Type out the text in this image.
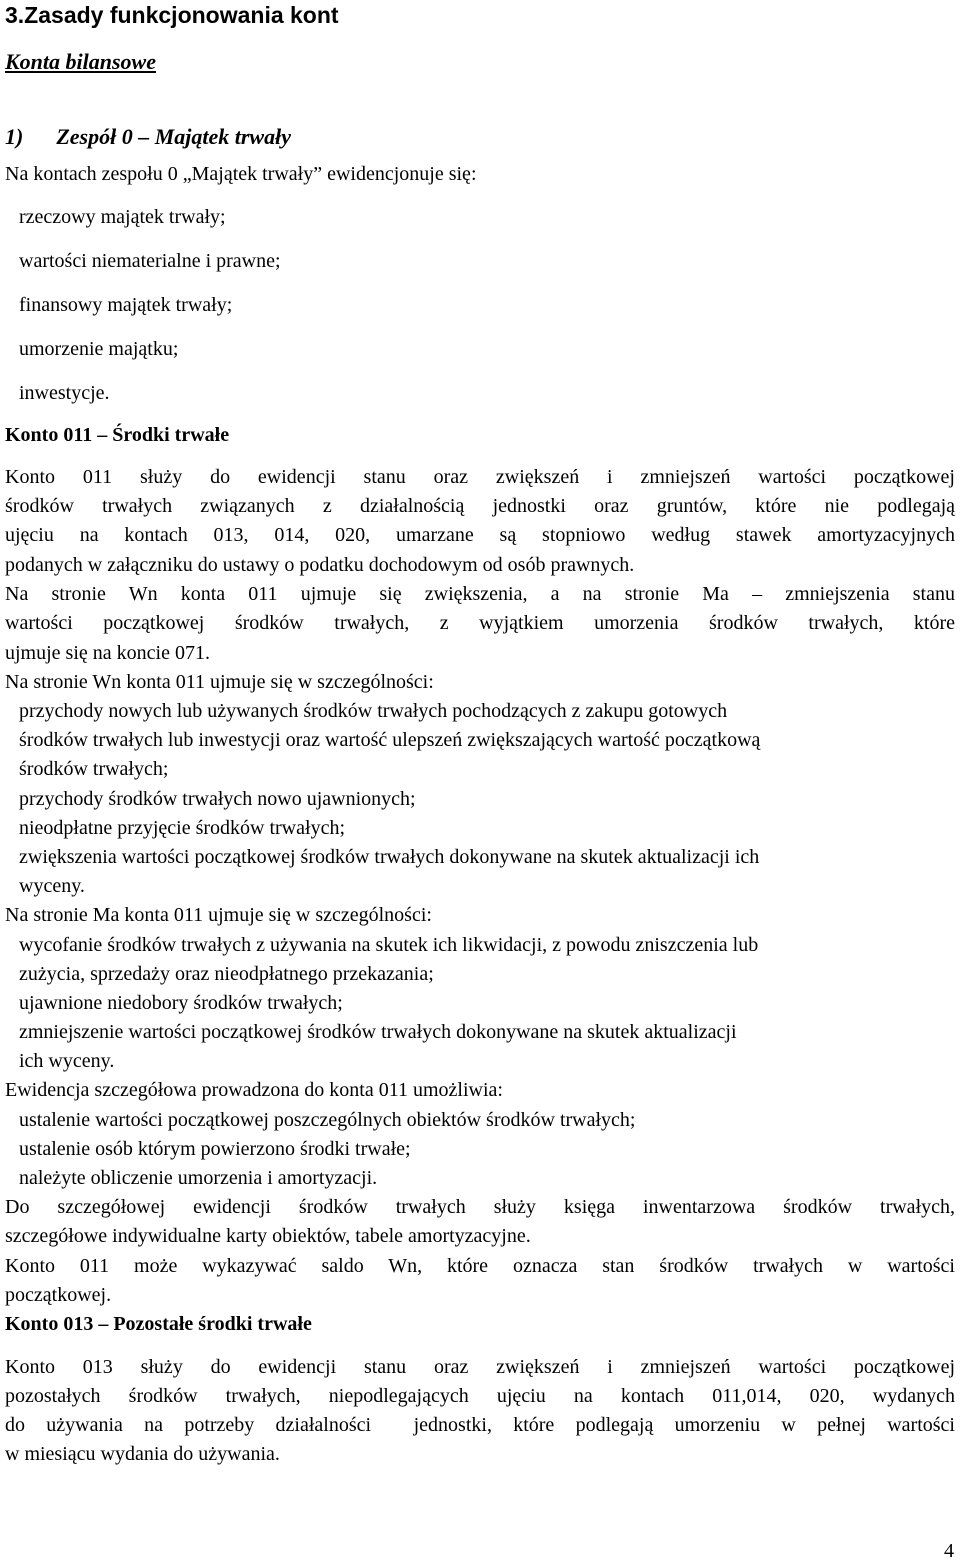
3.Zasady funkcjonowania kont
Konta bilansowe
1)      Zespół 0 – Majątek trwały
Na kontach zespołu 0 „Majątek trwały” ewidencjonuje się:
rzeczowy majątek trwały;
wartości niematerialne i prawne;
finansowy majątek trwały;
umorzenie majątku;
inwestycje.
Konto 011 – Środki trwałe
Konto 011 służy do ewidencji stanu oraz zwiększeń i zmniejszeń wartości początkowej
środków trwałych związanych z działalnością jednostki oraz gruntów, które nie podlegają
ujęciu na kontach 013, 014, 020, umarzane są stopniowo według stawek amortyzacyjnych
podanych w załączniku do ustawy o podatku dochodowym od osób prawnych.
Na stronie Wn konta 011 ujmuje się zwiększenia, a na stronie Ma – zmniejszenia stanu
wartości początkowej środków trwałych, z wyjątkiem umorzenia środków trwałych, które
ujmuje się na koncie 071.
Na stronie Wn konta 011 ujmuje się w szczególności:
przychody nowych lub używanych środków trwałych pochodzących z zakupu gotowych
środków trwałych lub inwestycji oraz wartość ulepszeń zwiększających wartość początkową
środków trwałych;
przychody środków trwałych nowo ujawnionych;
nieodpłatne przyjęcie środków trwałych;
zwiększenia wartości początkowej środków trwałych dokonywane na skutek aktualizacji ich
wyceny.
Na stronie Ma konta 011 ujmuje się w szczególności:
wycofanie środków trwałych z używania na skutek ich likwidacji, z powodu zniszczenia lub
zużycia, sprzedaży oraz nieodpłatnego przekazania;
ujawnione niedobory środków trwałych;
zmniejszenie wartości początkowej środków trwałych dokonywane na skutek aktualizacji
ich wyceny.
Ewidencja szczegółowa prowadzona do konta 011 umożliwia:
ustalenie wartości początkowej poszczególnych obiektów środków trwałych;
ustalenie osób którym powierzono środki trwałe;
należyte obliczenie umorzenia i amortyzacji.
Do szczegółowej ewidencji środków trwałych służy księga inwentarzowa środków trwałych,
szczegółowe indywidualne karty obiektów, tabele amortyzacyjne.
Konto 011 może wykazywać saldo Wn, które oznacza stan środków trwałych w wartości
początkowej.
Konto 013 – Pozostałe środki trwałe
Konto 013 służy do ewidencji stanu oraz zwiększeń i zmniejszeń wartości początkowej
pozostałych środków trwałych, niepodlegających ujęciu na kontach 011,014, 020, wydanych
do używania na potrzeby działalności  jednostki, które podlegają umorzeniu w pełnej wartości
w miesiącu wydania do używania.
4
